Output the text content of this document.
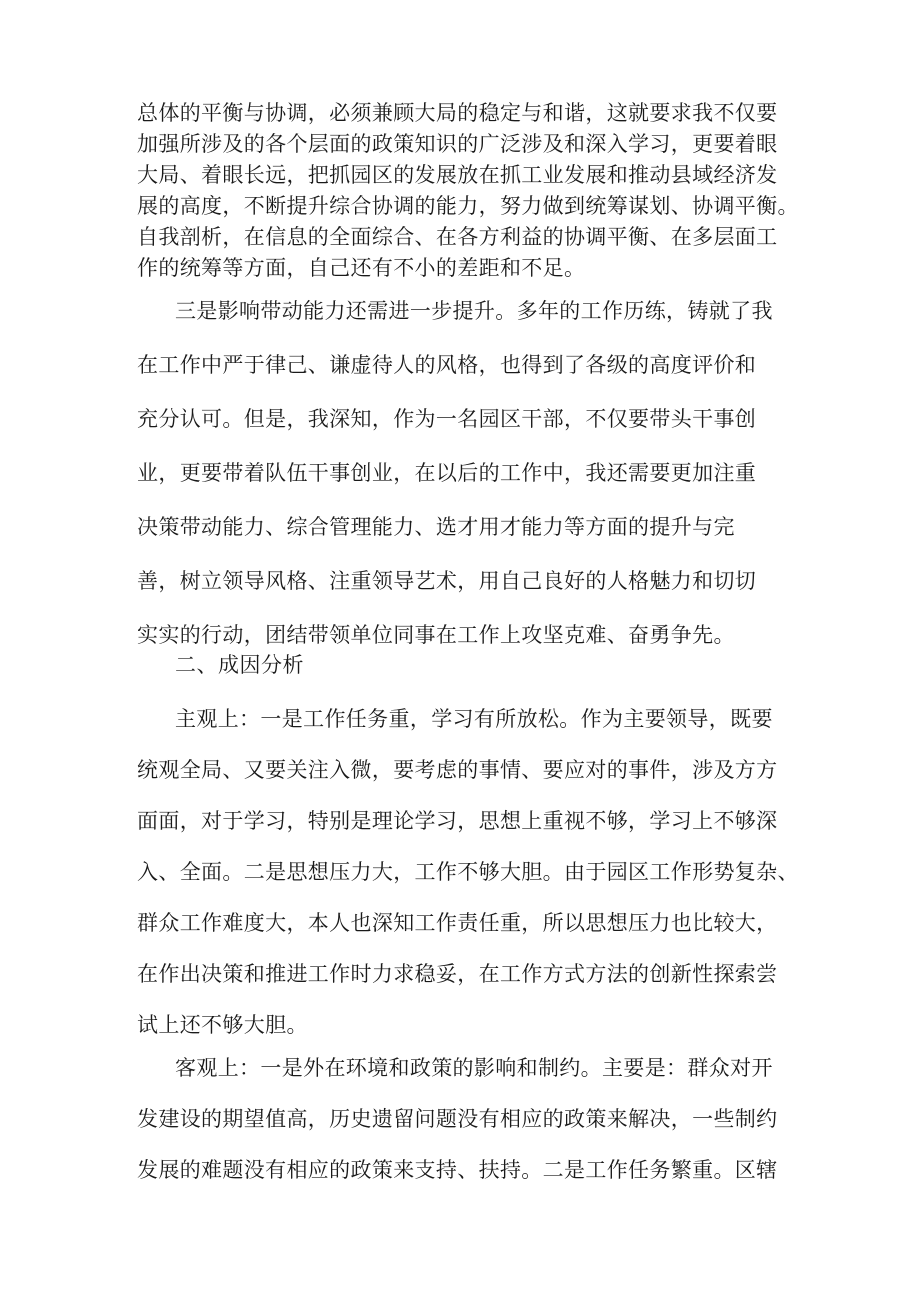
总体的平衡与协调，必须兼顾大局的稳定与和谐，这就要求我不仅要
加强所涉及的各个层面的政策知识的广泛涉及和深入学习，更要着眼
大局、着眼长远，把抓园区的发展放在抓工业发展和推动县域经济发
展的高度，不断提升综合协调的能力，努力做到统筹谋划、协调平衡。
自我剖析，在信息的全面综合、在各方利益的协调平衡、在多层面工
作的统筹等方面，自己还有不小的差距和不足。
三是影响带动能力还需进一步提升。多年的工作历练，铸就了我
在工作中严于律己、谦虚待人的风格，也得到了各级的高度评价和
充分认可。但是，我深知，作为一名园区干部，不仅要带头干事创
业，更要带着队伍干事创业，在以后的工作中，我还需要更加注重
决策带动能力、综合管理能力、选才用才能力等方面的提升与完
善，树立领导风格、注重领导艺术，用自己良好的人格魅力和切切
实实的行动，团结带领单位同事在工作上攻坚克难、奋勇争先。
二、成因分析
主观上：一是工作任务重，学习有所放松。作为主要领导，既要
统观全局、又要关注入微，要考虑的事情、要应对的事件，涉及方方
面面，对于学习，特别是理论学习，思想上重视不够，学习上不够深
入、全面。二是思想压力大，工作不够大胆。由于园区工作形势复杂、
群众工作难度大，本人也深知工作责任重，所以思想压力也比较大，
在作出决策和推进工作时力求稳妥，在工作方式方法的创新性探索尝
试上还不够大胆。
客观上：一是外在环境和政策的影响和制约。主要是：群众对开
发建设的期望值高，历史遗留问题没有相应的政策来解决，一些制约
发展的难题没有相应的政策来支持、扶持。二是工作任务繁重。区辖
